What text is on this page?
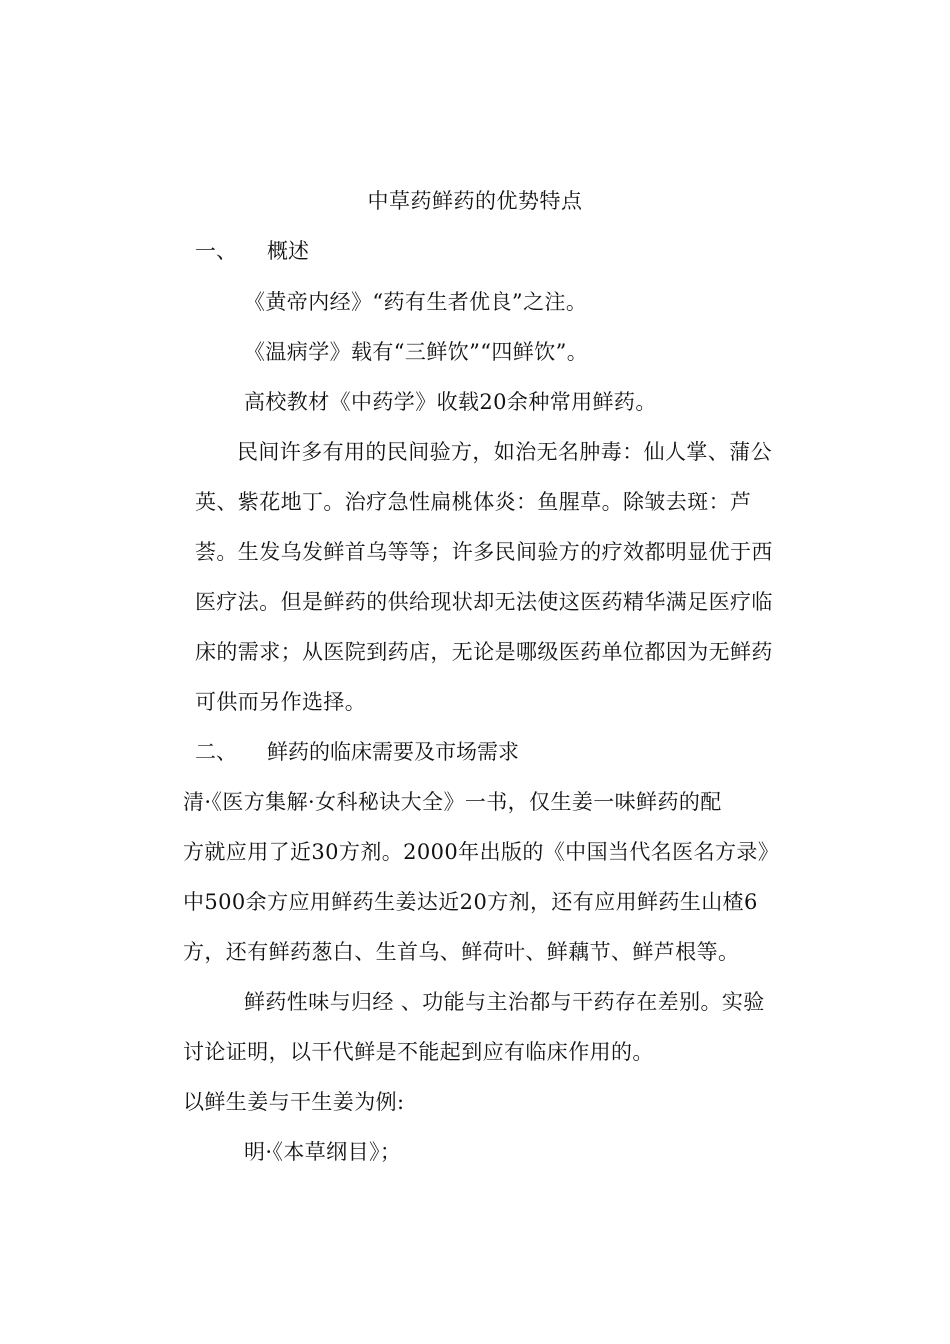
中草药鲜药的优势特点
一、 概述
《黄帝内经》“药有生者优良”之注。
《温病学》载有“三鲜饮”“四鲜饮”。
高校教材《中药学》收载20余种常用鲜药。
民间许多有用的民间验方，如治无名肿毒：仙人掌、蒲公
英、紫花地丁。治疗急性扁桃体炎：鱼腥草。除皱去斑：芦
荟。生发乌发鲜首乌等等；许多民间验方的疗效都明显优于西
医疗法。但是鲜药的供给现状却无法使这医药精华满足医疗临
床的需求；从医院到药店，无论是哪级医药单位都因为无鲜药
可供而另作选择。
二、 鲜药的临床需要及市场需求
清·《医方集解·女科秘诀大全》一书，仅生姜一味鲜药的配
方就应用了近30方剂。2000年出版的《中国当代名医名方录》
中500余方应用鲜药生姜达近20方剂，还有应用鲜药生山楂6
方，还有鲜药葱白、生首乌、鲜荷叶、鲜藕节、鲜芦根等。
鲜药性味与归经 、功能与主治都与干药存在差别。实验
讨论证明，以干代鲜是不能起到应有临床作用的。
以鲜生姜与干生姜为例:
明·《本草纲目》；
